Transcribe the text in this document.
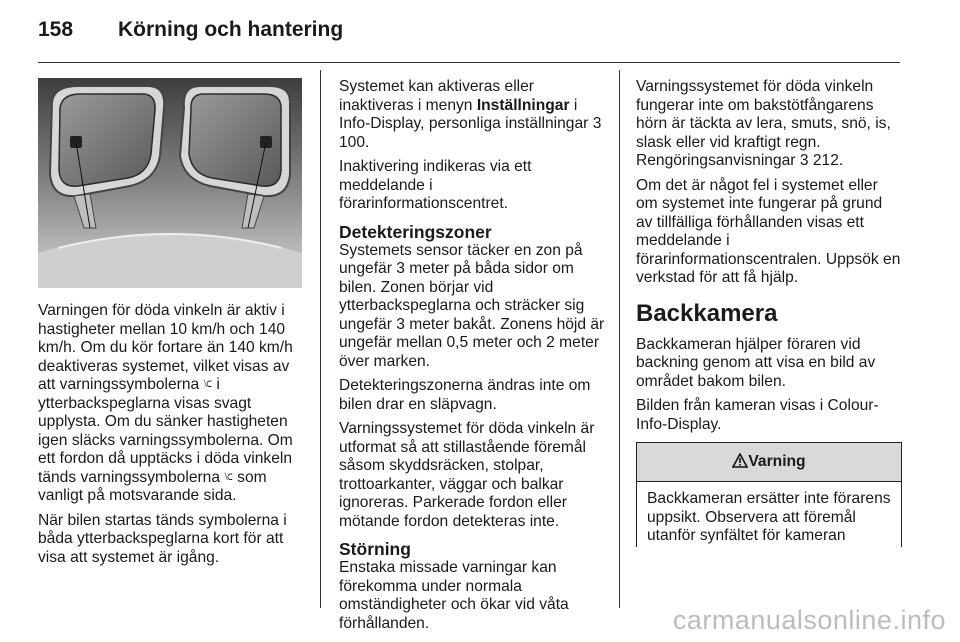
158 Körning och hantering

Varningen för döda vinkeln är aktiv i hastigheter mellan 10 km/h och 140 km/h. Om du kör fortare än 140 km/h deaktiveras systemet, vilket visas av att varningssymbolerna ⟈ i ytterbackspeglarna visas svagt upplysta. Om du sänker hastigheten igen släcks varningssymbolerna. Om ett fordon då upptäcks i döda vinkeln tänds varningssymbolerna ⟈ som vanligt på motsvarande sida.

När bilen startas tänds symbolerna i båda ytterbackspeglarna kort för att visa att systemet är igång.

Systemet kan aktiveras eller inaktiveras i menyn Inställningar i Info-Display, personliga inställningar 3 100.

Inaktivering indikeras via ett meddelande i förarinformationscentret.

Detekteringszoner

Systemets sensor täcker en zon på ungefär 3 meter på båda sidor om bilen. Zonen börjar vid ytterbackspeglarna och sträcker sig ungefär 3 meter bakåt. Zonens höjd är ungefär mellan 0,5 meter och 2 meter över marken.

Detekteringszonerna ändras inte om bilen drar en släpvagn.

Varningssystemet för döda vinkeln är utformat så att stillastående föremål såsom skyddsräcken, stolpar, trottoarkanter, väggar och balkar ignoreras. Parkerade fordon eller mötande fordon detekteras inte.

Störning

Enstaka missade varningar kan förekomma under normala omständigheter och ökar vid våta förhållanden.

Varningssystemet för döda vinkeln fungerar inte om bakstötfångarens hörn är täckta av lera, smuts, snö, is, slask eller vid kraftigt regn. Rengöringsanvisningar 3 212.

Om det är något fel i systemet eller om systemet inte fungerar på grund av tillfälliga förhållanden visas ett meddelande i förarinformationscentralen. Uppsök en verkstad för att få hjälp.

Backkamera

Backkameran hjälper föraren vid backning genom att visa en bild av området bakom bilen.

Bilden från kameran visas i Colour-Info-Display.

Varning
Backkameran ersätter inte förarens uppsikt. Observera att föremål utanför synfältet för kameran
carmanualsonline.info
